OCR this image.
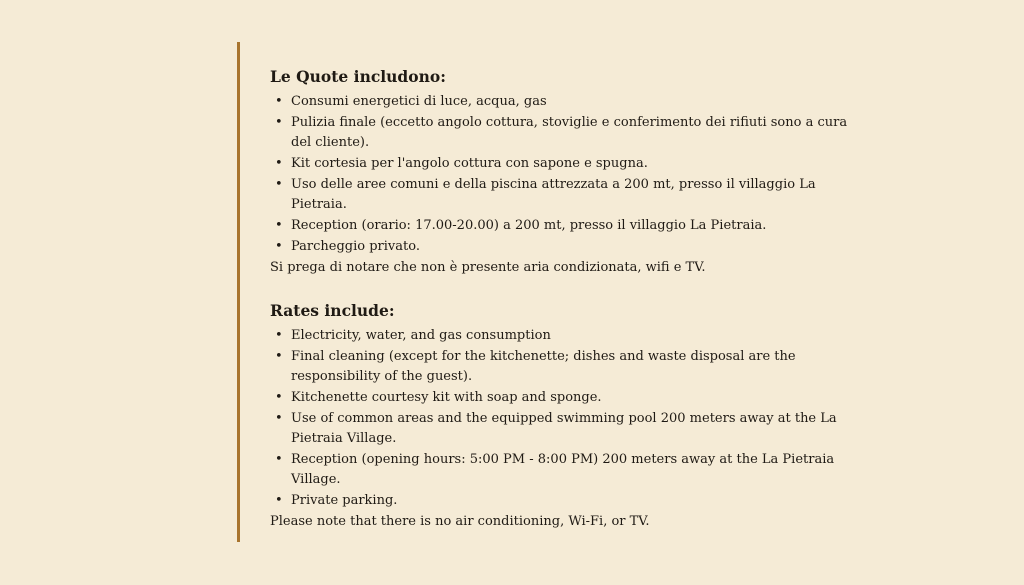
Le Quote includono:
• Consumi energetici di luce, acqua, gas
• Pulizia finale (eccetto angolo cottura, stoviglie e conferimento dei rifiuti sono a cura del cliente).
• Kit cortesia per l'angolo cottura con sapone e spugna.
• Uso delle aree comuni e della piscina attrezzata a 200 mt, presso il villaggio La Pietraia.
• Reception (orario: 17.00-20.00) a 200 mt, presso il villaggio La Pietraia.
• Parcheggio privato.

Si prega di notare che non è presente aria condizionata, wifi e TV.

Rates include:
• Electricity, water, and gas consumption
• Final cleaning (except for the kitchenette; dishes and waste disposal are the responsibility of the guest).
• Kitchenette courtesy kit with soap and sponge.
• Use of common areas and the equipped swimming pool 200 meters away at the La Pietraia Village.
• Reception (opening hours: 5:00 PM - 8:00 PM) 200 meters away at the La Pietraia Village.
• Private parking.

Please note that there is no air conditioning, Wi-Fi, or TV.
